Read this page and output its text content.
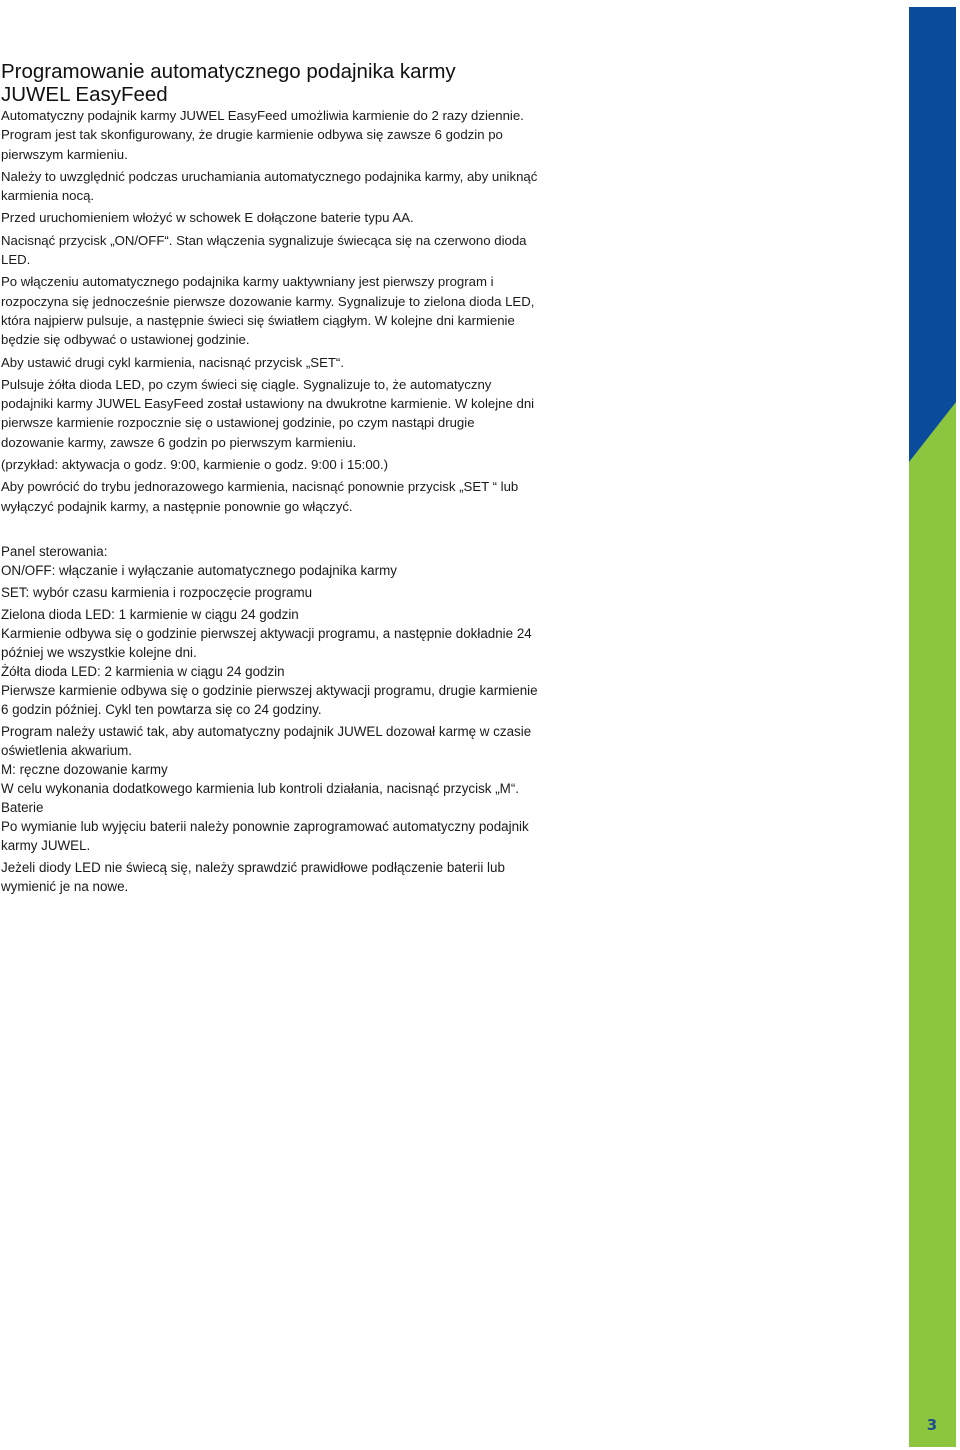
3
Programowanie automatycznego podajnika karmy
JUWEL EasyFeed

Automatyczny podajnik karmy JUWEL EasyFeed umożliwia karmienie do 2 razy dziennie. Program jest tak skonfigurowany, że drugie karmienie odbywa się zawsze 6 godzin po pierwszym karmieniu.

Należy to uwzględnić podczas uruchamiania automatycznego podajnika karmy, aby uniknąć karmienia nocą.

Przed uruchomieniem włożyć w schowek E dołączone baterie typu AA.

Nacisnąć przycisk „ON/OFF“. Stan włączenia sygnalizuje świecąca się na czerwono dioda LED.

Po włączeniu automatycznego podajnika karmy uaktywniany jest pierwszy program i rozpoczyna się jednocześnie pierwsze dozowanie karmy. Sygnalizuje to zielona dioda LED, która najpierw pulsuje, a następnie świeci się światłem ciągłym. W kolejne dni karmienie będzie się odbywać o ustawionej godzinie.

Aby ustawić drugi cykl karmienia, nacisnąć przycisk „SET“.

Pulsuje żółta dioda LED, po czym świeci się ciągle. Sygnalizuje to, że automatyczny podajniki karmy JUWEL EasyFeed został ustawiony na dwukrotne karmienie. W kolejne dni pierwsze karmienie rozpocznie się o ustawionej godzinie, po czym nastąpi drugie dozowanie karmy, zawsze 6 godzin po pierwszym karmieniu.

(przykład: aktywacja o godz. 9:00, karmienie o godz. 9:00 i 15:00.)

Aby powrócić do trybu jednorazowego karmienia, nacisnąć ponownie przycisk „SET “ lub wyłączyć podajnik karmy, a następnie ponownie go włączyć.

Panel sterowania:

ON/OFF: włączanie i wyłączanie automatycznego podajnika karmy

SET: wybór czasu karmienia i rozpoczęcie programu

Zielona dioda LED: 1 karmienie w ciągu 24 godzin

Karmienie odbywa się o godzinie pierwszej aktywacji programu, a następnie dokładnie 24 później we wszystkie kolejne dni.

Żółta dioda LED: 2 karmienia w ciągu 24 godzin

Pierwsze karmienie odbywa się o godzinie pierwszej aktywacji programu, drugie karmienie 6 godzin później. Cykl ten powtarza się co 24 godziny.

Program należy ustawić tak, aby automatyczny podajnik JUWEL dozował karmę w czasie oświetlenia akwarium.

M: ręczne dozowanie karmy

W celu wykonania dodatkowego karmienia lub kontroli działania, nacisnąć przycisk „M“.

Baterie

Po wymianie lub wyjęciu baterii należy ponownie zaprogramować automatyczny podajnik karmy JUWEL.

Jeżeli diody LED nie świecą się, należy sprawdzić prawidłowe podłączenie baterii lub wymienić je na nowe.
